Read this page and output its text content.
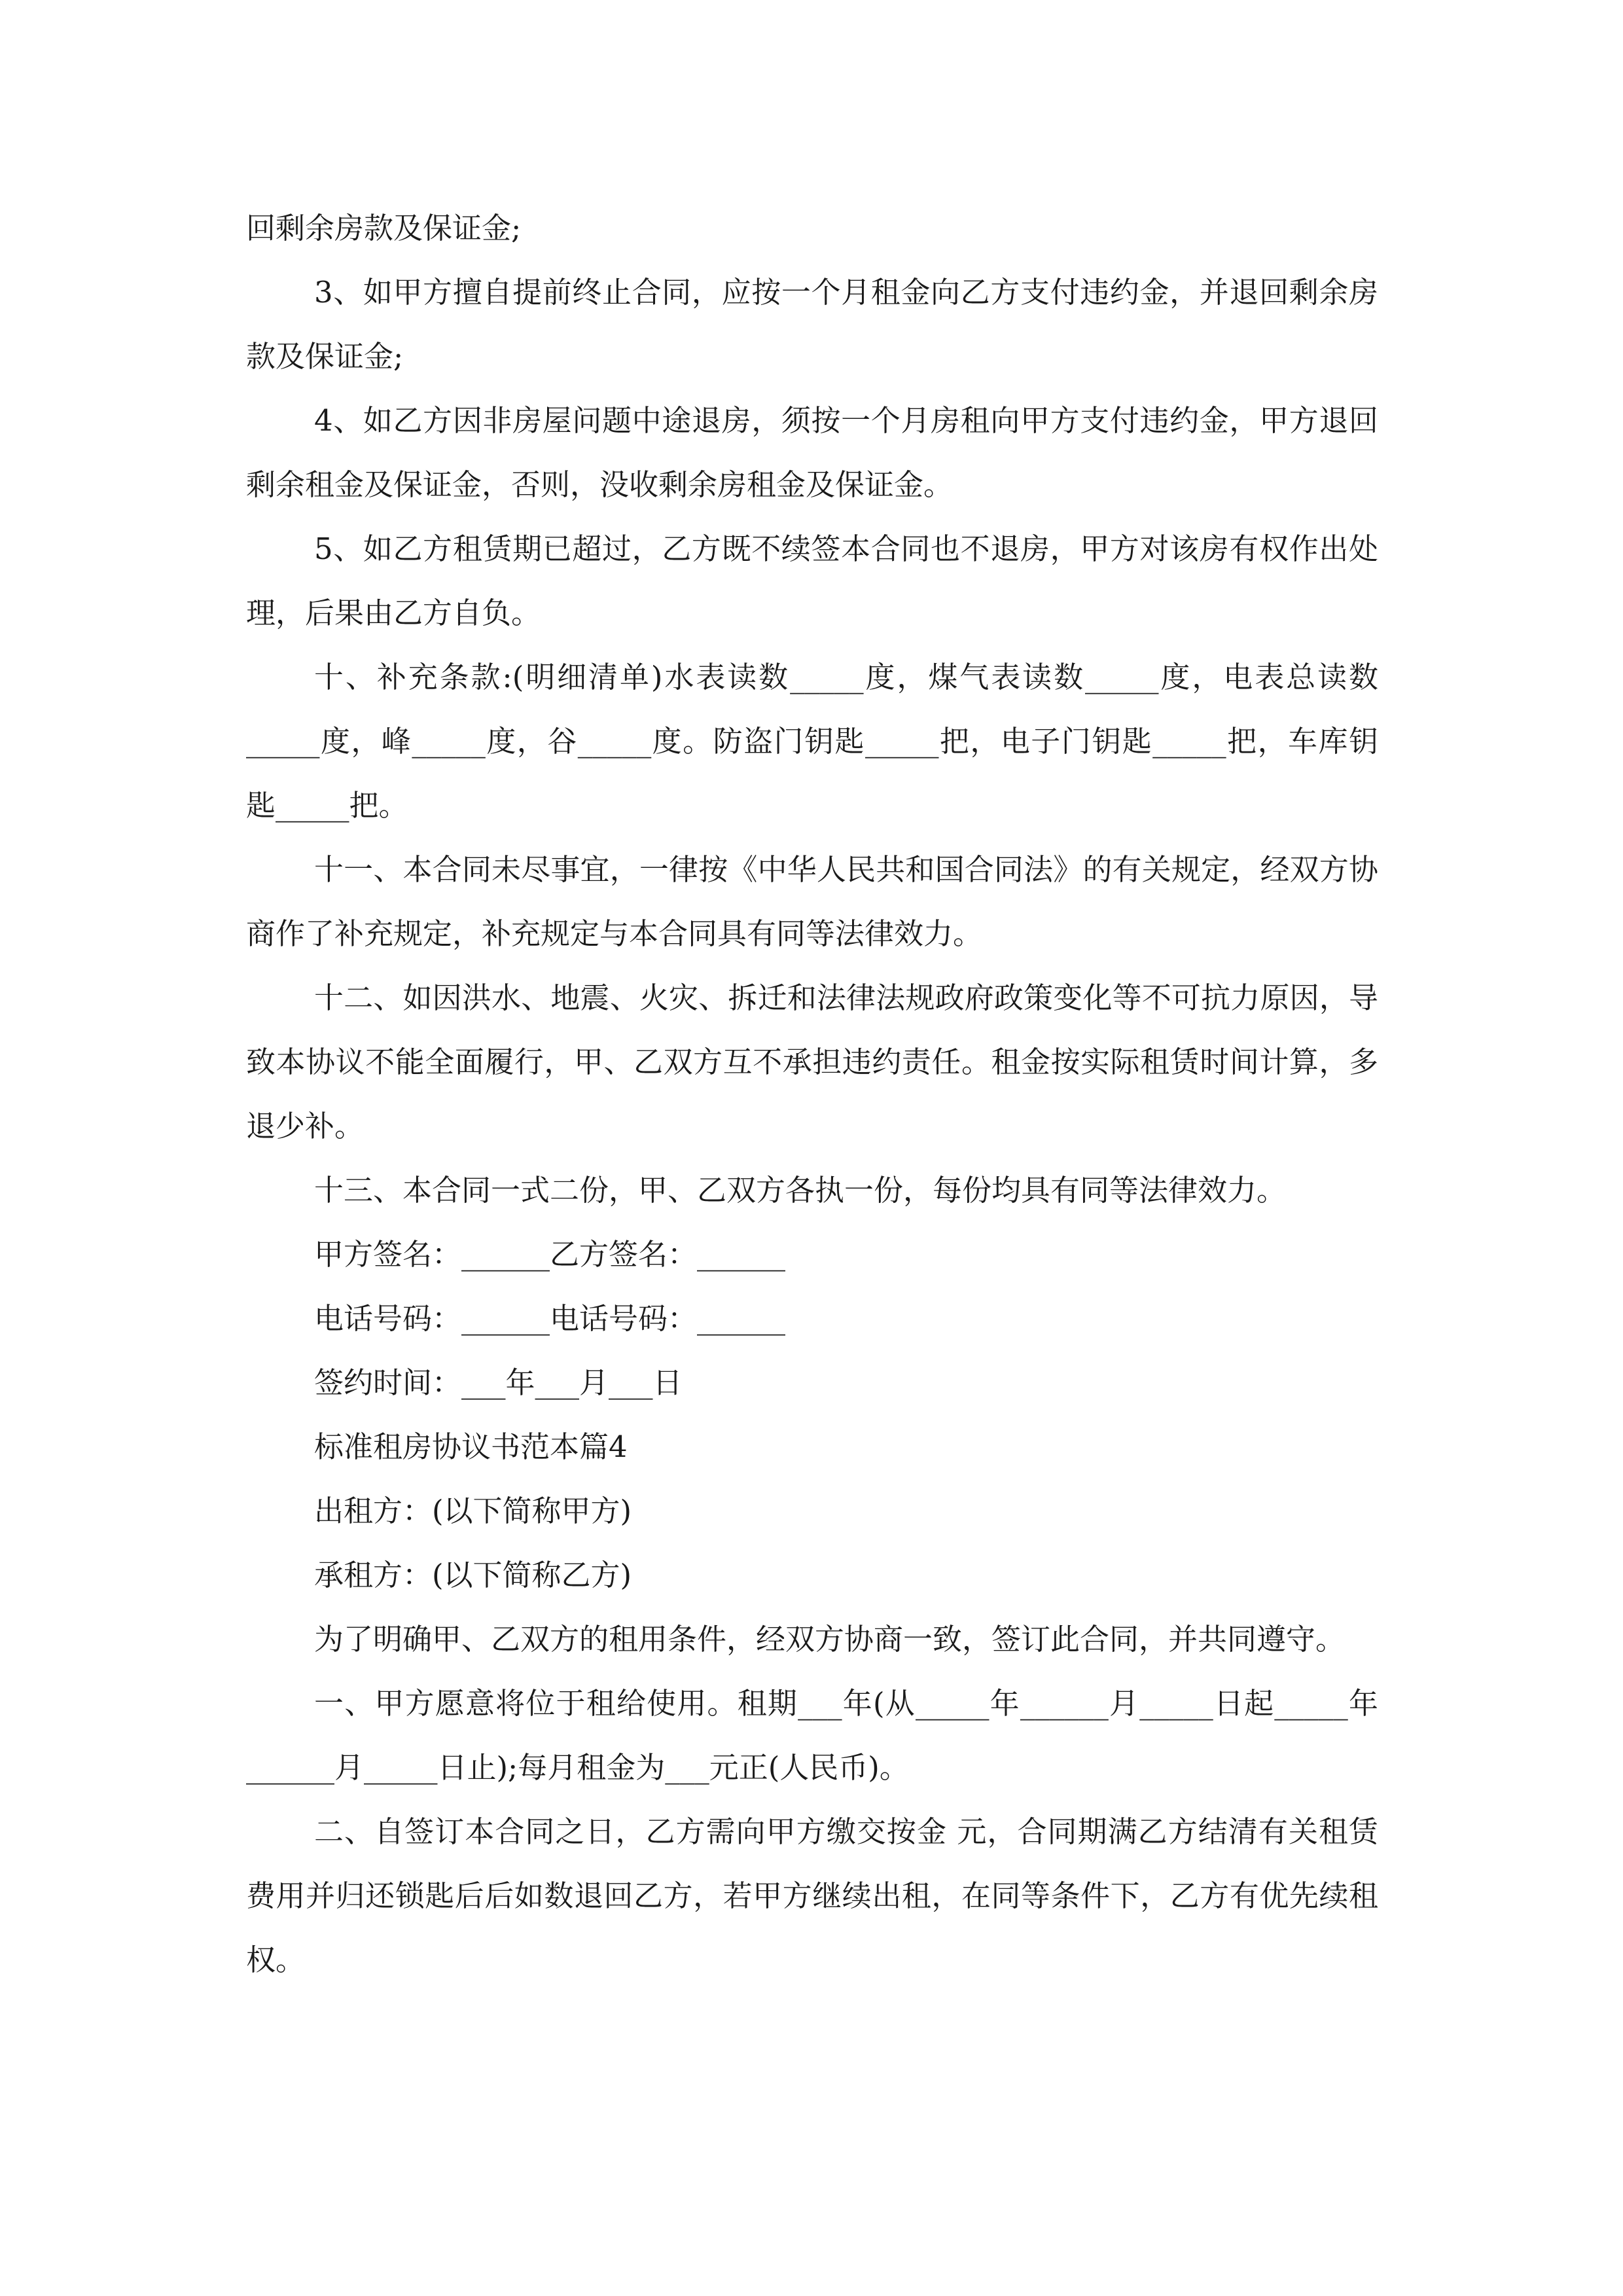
回剩余房款及保证金;

3、如甲方擅自提前终止合同，应按一个月租金向乙方支付违约金，并退回剩余房款及保证金;

4、如乙方因非房屋问题中途退房，须按一个月房租向甲方支付违约金，甲方退回剩余租金及保证金，否则，没收剩余房租金及保证金。

5、如乙方租赁期已超过，乙方既不续签本合同也不退房，甲方对该房有权作出处理，后果由乙方自负。

十、补充条款:(明细清单)水表读数_____度，煤气表读数_____度，电表总读数_____度，峰_____度，谷_____度。防盗门钥匙_____把，电子门钥匙_____把，车库钥匙_____把。

十一、本合同未尽事宜，一律按《中华人民共和国合同法》的有关规定，经双方协商作了补充规定，补充规定与本合同具有同等法律效力。

十二、如因洪水、地震、火灾、拆迁和法律法规政府政策变化等不可抗力原因，导致本协议不能全面履行，甲、乙双方互不承担违约责任。租金按实际租赁时间计算，多退少补。

十三、本合同一式二份，甲、乙双方各执一份，每份均具有同等法律效力。

甲方签名：______乙方签名：______

电话号码：______电话号码：______

签约时间：___年___月___日

标准租房协议书范本篇4

出租方：(以下简称甲方)

承租方：(以下简称乙方)

为了明确甲、乙双方的租用条件，经双方协商一致，签订此合同，并共同遵守。

一、甲方愿意将位于租给使用。租期___年(从_____年______月_____日起_____年______月_____日止);每月租金为___元正(人民币)。

二、自签订本合同之日，乙方需向甲方缴交按金 元，合同期满乙方结清有关租赁费用并归还锁匙后后如数退回乙方，若甲方继续出租，在同等条件下，乙方有优先续租权。
